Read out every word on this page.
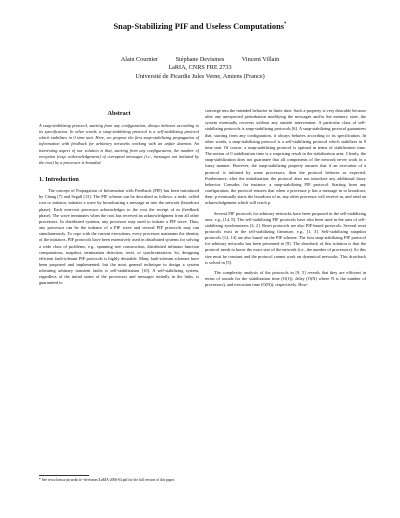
Snap-Stabilizing PIF and Useless Computations*
Alain Cournier	Stéphane Devismes	Vincent Villain
LaRIA, CNRS FRE 2733
Université de Picardie Jules Verne, Amiens (France)
Abstract

A snap-stabilizing protocol, starting from any configuration, always behaves according to its specification. In other words, a snap-stabilizing protocol is a self-stabilizing protocol which stabilizes in 0 time unit. Here, we propose the first snap-stabilizing propagation of information with feedback for arbitrary networks working with an unfair daemon. An interesting aspect of our solution is that, starting from any configuration, the number of reception (resp. acknowledgement) of corrupted messages (i.e., messages not initiated by the root) by a processor is bounded.

1. Introduction

The concept of Propagation of Information with Feedback (PIF) has been introduced by Chang [7] and Segall [13]. The PIF scheme can be described as follows: a node, called root or initiator, initiates a wave by broadcasting a message m into the network (broadcast phase). Each non-root processor acknowledges to the root the receipt of m (feedback phase). The wave terminates when the root has received an acknowledgment from all other processors. In distributed systems, any processor may need to initiate a PIF wave. Thus, any processor can be the initiator of a PIF wave and several PIF protocols may run simultaneously. To cope with the current executions, every processor maintains the identity of the initiators. PIF protocols have been extensively used in distributed systems for solving a wide class of problems, e.g., spanning tree construction, distributed infimum function computations, snapshot, termination detection, reset, or synchronization. So, designing efficient fault-tolerant PIF protocols is highly desirable. Many fault-tolerant schemes have been proposed and implemented, but the most general technique to design a system tolerating arbitrary transient faults is self-stabilization [10]. A self-stabilizing system, regardless of the initial states of the processors and messages initially in the links, is guaranteed to

converge into the intended behavior in finite time. Such a property is very desirable because after any unexpected perturbation modifying the messages and/or the memory state, the system eventually recovers without any outside intervention. A particular class of self-stabilizing protocols is snap-stabilizing protocols [6]. A snap-stabilizing protocol guarantees that, starting from any configuration, it always behaves according to its specification. In other words, a snap-stabilizing protocol is a self-stabilizing protocol which stabilizes in 0 time unit. Of course, a snap-stabilizing protocol is optimal in terms of stabilization time. The notion of 0 stabilization time is a surprising result in the stabilization area. Clearly, the snap-stabilization does not guarantee that all components of the network never work in a fuzzy manner. However, the snap-stabilizing property ensures that if an execution of a protocol is initiated by some processors, then the protocol behaves as expected. Furthermore, after the initialization, the protocol does not introduce any additional fuzzy behavior. Consider, for instance, a snap-stabilizing PIF protocol. Starting from any configuration, the protocol ensures that when a processor p has a message m to broadcast, then: p eventually starts the broadcast of m, any other processor will receive m, and send an acknowledgement which will reach p.

Several PIF protocols for arbitrary networks have been proposed in the self-stabilizing area, e.g., [14, 8]. The self-stabilizing PIF protocols have also been used in the area of self-stabilizing synchronizers [4, 2]. Reset protocols are also PIF-based protocols. Several reset protocols exist in the self-stabilizing literature, e.g., [1, 3]. Self-stabilizing snapshot protocols [12, 14] are also based on the PIF scheme. The first snap-stabilizing PIF protocol for arbitrary networks has been presented in [9]. The drawback of this solution is that the protocol needs to know the exact size of the network (i.e., the number of processors). So this size must be constant and the protocol cannot work on dynamical networks. This drawback is solved in [5].

The complexity analysis of the protocols in [9, 5] reveals that they are efficient in terms of rounds for the stabilization time (O(1)), delay (O(N) where N is the number of processors), and execution time (O(N)), respectively. How-

* See www.laria.u-picardie.fr/~devismes/LaRIA-2006-04.pdf for the full version of this paper.
